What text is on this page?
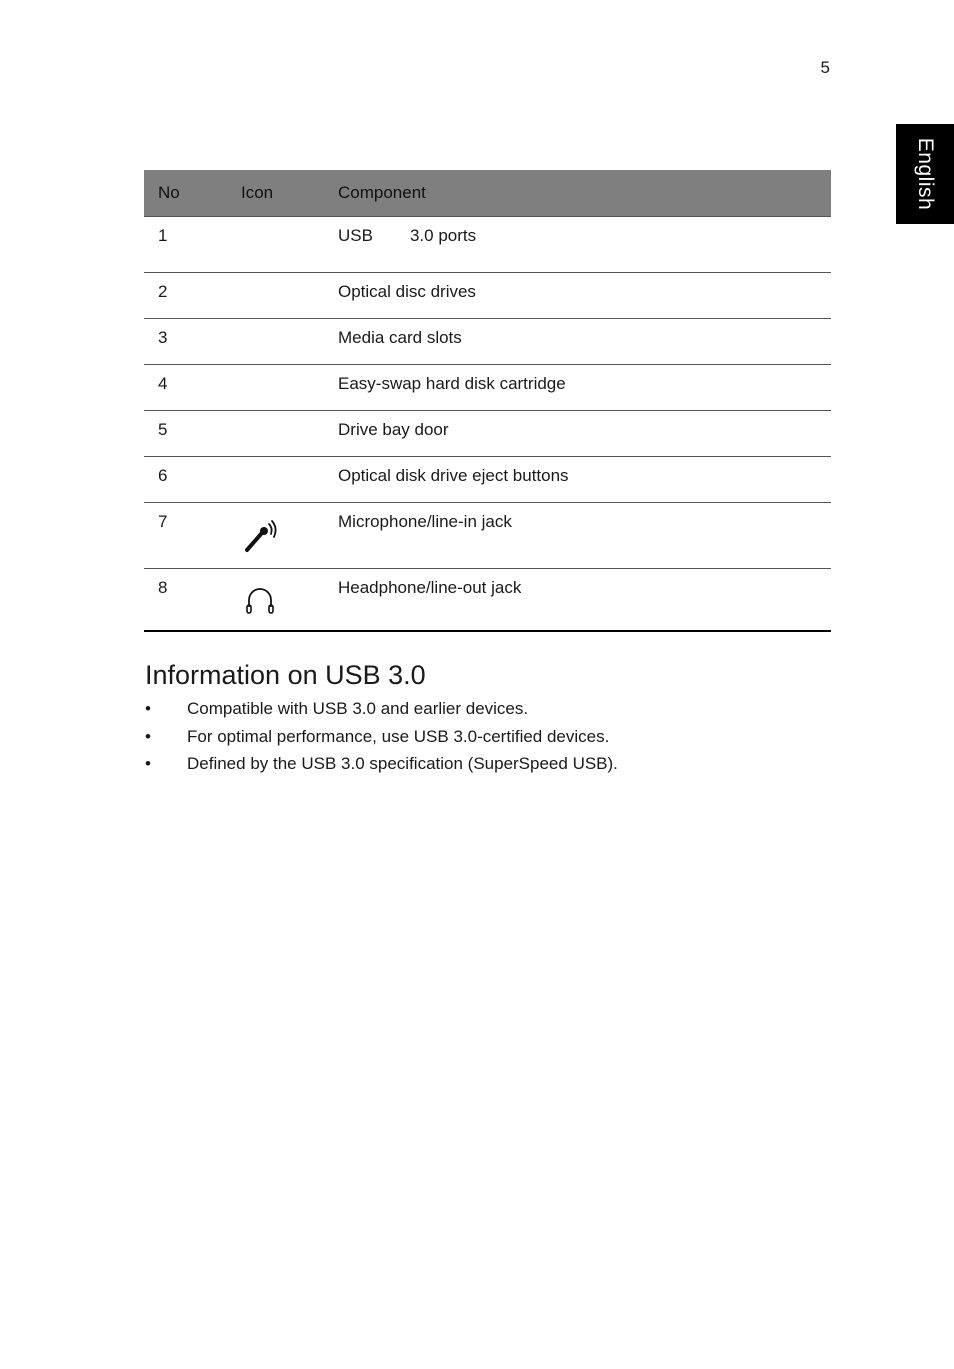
5
English
No	Icon	Component

1		USB 3.0 ports

2		Optical disc drives

3		Media card slots

4		Easy-swap hard disk cartridge

5		Drive bay door

6		Optical disk drive eject buttons

7		Microphone/line-in jack

8		Headphone/line-out jack
Information on USB 3.0
• Compatible with USB 3.0 and earlier devices.
• For optimal performance, use USB 3.0-certified devices.
• Defined by the USB 3.0 specification (SuperSpeed USB).
